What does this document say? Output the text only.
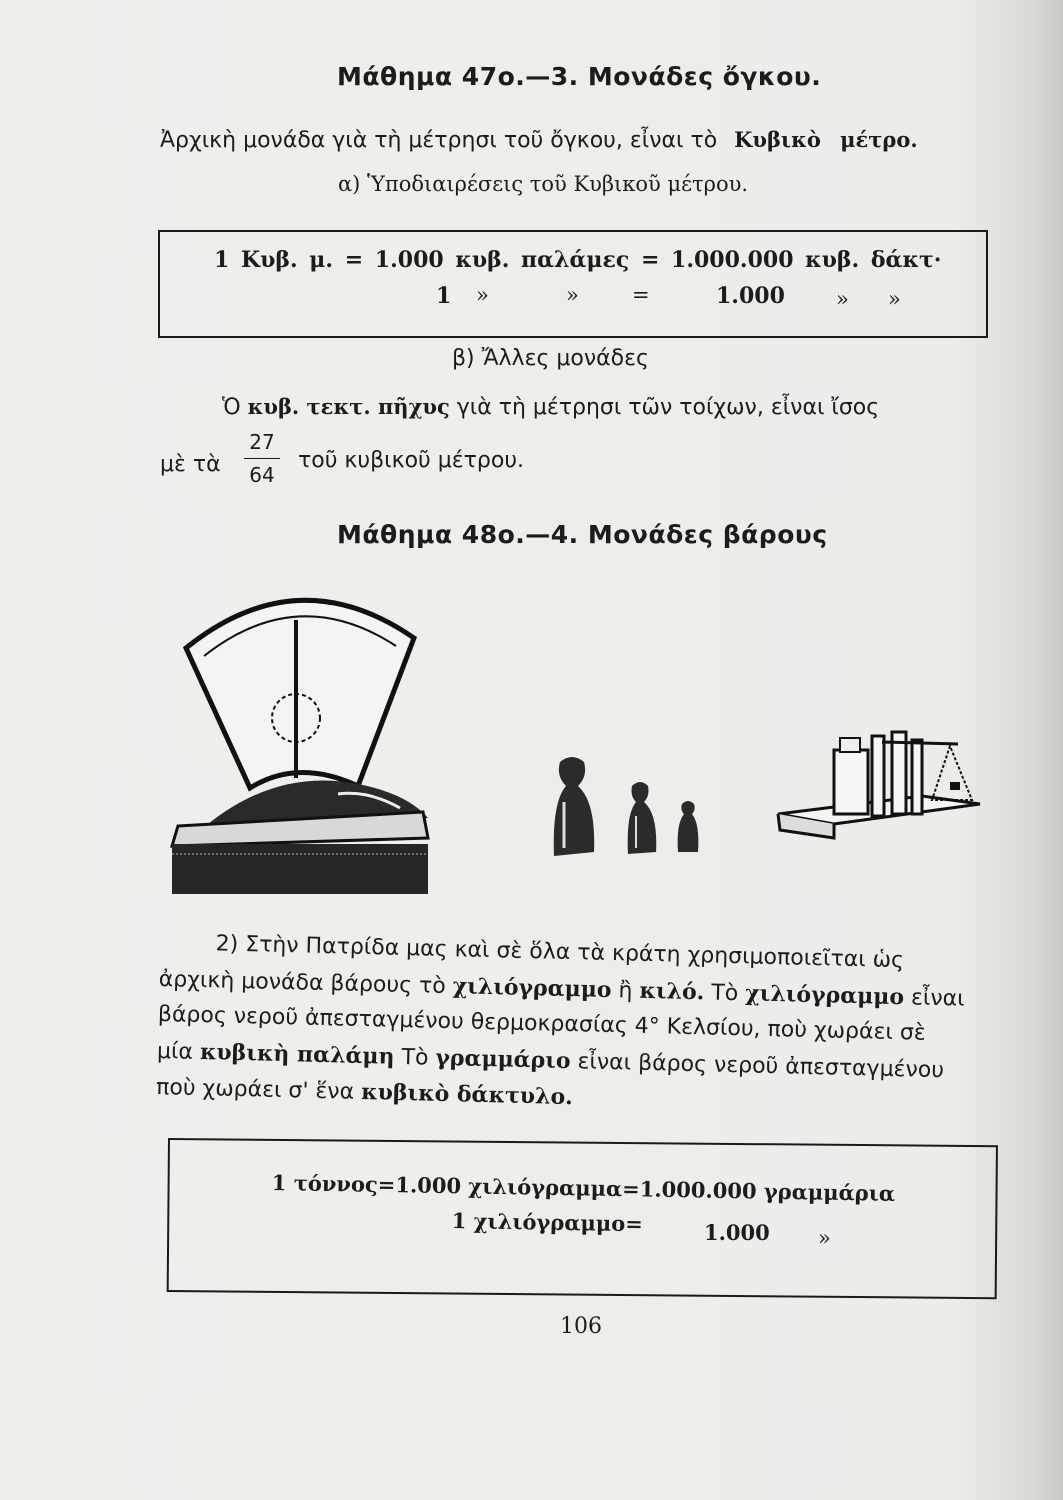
Μάθημα 47ο.—3. Μονάδες ὄγκου.
Ἀρχικὴ μονάδα γιὰ τὴ μέτρησι τοῦ ὄγκου, εἶναι τὸ Κυβικὸ μέτρο.
α) Ὑποδιαιρέσεις τοῦ Κυβικοῦ μέτρου.
1 Κυβ. μ. = 1.000 κυβ. παλάμες = 1.000.000 κυβ. δάκτ·
1 »	»	=	1.000 » »
β) Ἄλλες μονάδες
Ὁ κυβ. τεκτ. πῆχυς γιὰ τὴ μέτρησι τῶν τοίχων, εἶναι ἴσος
μὲ τὰ
27
64
τοῦ κυβικοῦ μέτρου.
Μάθημα 48ο.—4. Μονάδες βάρους
2) Στὴν Πατρίδα μας καὶ σὲ ὅλα τὰ κράτη χρησιμοποιεῖται ὡς
ἀρχικὴ μονάδα βάρους τὸ χιλιόγραμμο ἢ κιλό. Τὸ χιλιόγραμμο εἶναι
βάρος νεροῦ ἀπεσταγμένου θερμοκρασίας 4° Κελσίου, ποὺ χωράει σὲ
μία κυβικὴ παλάμη Τὸ γραμμάριο εἶναι βάρος νεροῦ ἀπεσταγμένου
ποὺ χωράει σ' ἕνα κυβικὸ δάκτυλο.
1 τόννος=1.000 χιλιόγραμμα=1.000.000 γραμμάρια
1 χιλιόγραμμο=	1.000 »
106
